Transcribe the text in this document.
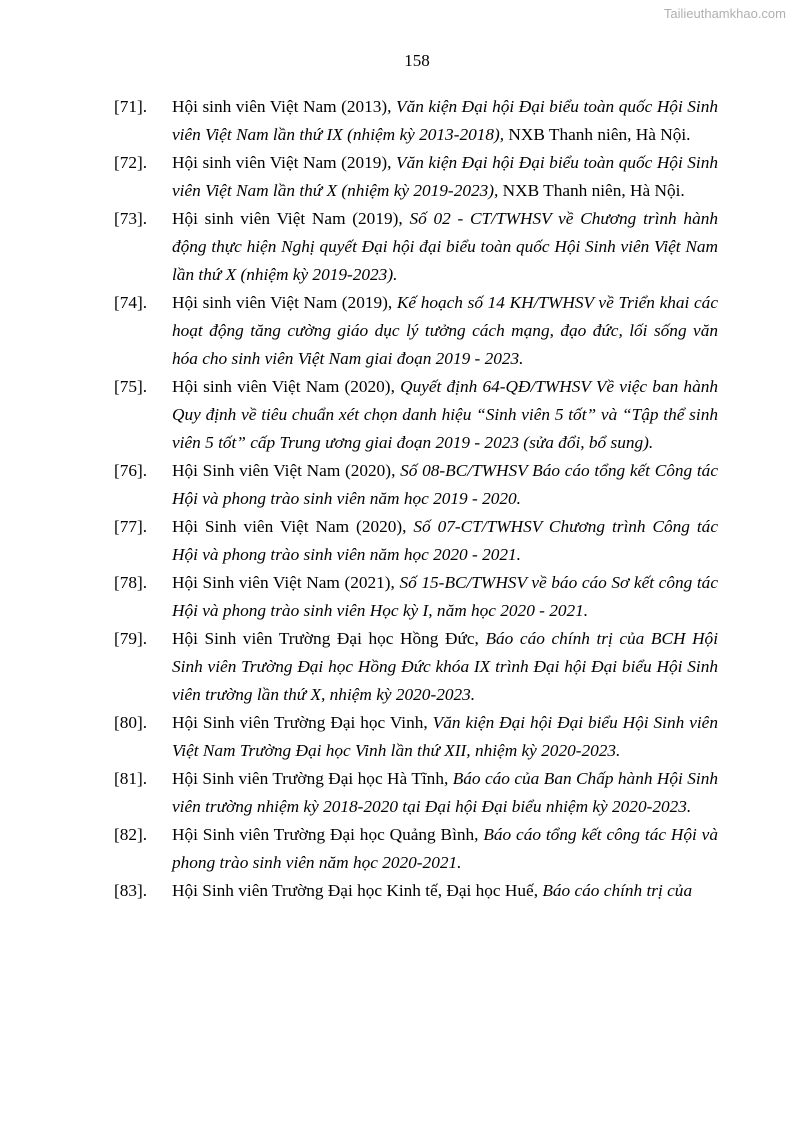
Tailieuthamkhao.com
158
[71]. Hội sinh viên Việt Nam (2013), Văn kiện Đại hội Đại biểu toàn quốc Hội Sinh viên Việt Nam lần thứ IX (nhiệm kỳ 2013-2018), NXB Thanh niên, Hà Nội.
[72]. Hội sinh viên Việt Nam (2019), Văn kiện Đại hội Đại biểu toàn quốc Hội Sinh viên Việt Nam lần thứ X (nhiệm kỳ 2019-2023), NXB Thanh niên, Hà Nội.
[73]. Hội sinh viên Việt Nam (2019), Số 02 - CT/TWHSV về Chương trình hành động thực hiện Nghị quyết Đại hội đại biểu toàn quốc Hội Sinh viên Việt Nam lần thứ X (nhiệm kỳ 2019-2023).
[74]. Hội sinh viên Việt Nam (2019), Kế hoạch số 14 KH/TWHSV về Triển khai các hoạt động tăng cường giáo dục lý tưởng cách mạng, đạo đức, lối sống văn hóa cho sinh viên Việt Nam giai đoạn 2019 - 2023.
[75]. Hội sinh viên Việt Nam (2020), Quyết định 64-QĐ/TWHSV Về việc ban hành Quy định về tiêu chuẩn xét chọn danh hiệu “Sinh viên 5 tốt” và “Tập thể sinh viên 5 tốt” cấp Trung ương giai đoạn 2019 - 2023 (sửa đổi, bổ sung).
[76]. Hội Sinh viên Việt Nam (2020), Số 08-BC/TWHSV Báo cáo tổng kết Công tác Hội và phong trào sinh viên năm học 2019 - 2020.
[77]. Hội Sinh viên Việt Nam (2020), Số 07-CT/TWHSV Chương trình Công tác Hội và phong trào sinh viên năm học 2020 - 2021.
[78]. Hội Sinh viên Việt Nam (2021), Số 15-BC/TWHSV về báo cáo Sơ kết công tác Hội và phong trào sinh viên Học kỳ I, năm học 2020 - 2021.
[79]. Hội Sinh viên Trường Đại học Hồng Đức, Báo cáo chính trị của BCH Hội Sinh viên Trường Đại học Hồng Đức khóa IX trình Đại hội Đại biểu Hội Sinh viên trường lần thứ X, nhiệm kỳ 2020-2023.
[80]. Hội Sinh viên Trường Đại học Vinh, Văn kiện Đại hội Đại biểu Hội Sinh viên Việt Nam Trường Đại học Vinh lần thứ XII, nhiệm kỳ 2020-2023.
[81]. Hội Sinh viên Trường Đại học Hà Tĩnh, Báo cáo của Ban Chấp hành Hội Sinh viên trường nhiệm kỳ 2018-2020 tại Đại hội Đại biểu nhiệm kỳ 2020-2023.
[82]. Hội Sinh viên Trường Đại học Quảng Bình, Báo cáo tổng kết công tác Hội và phong trào sinh viên năm học 2020-2021.
[83]. Hội Sinh viên Trường Đại học Kinh tế, Đại học Huế, Báo cáo chính trị của
